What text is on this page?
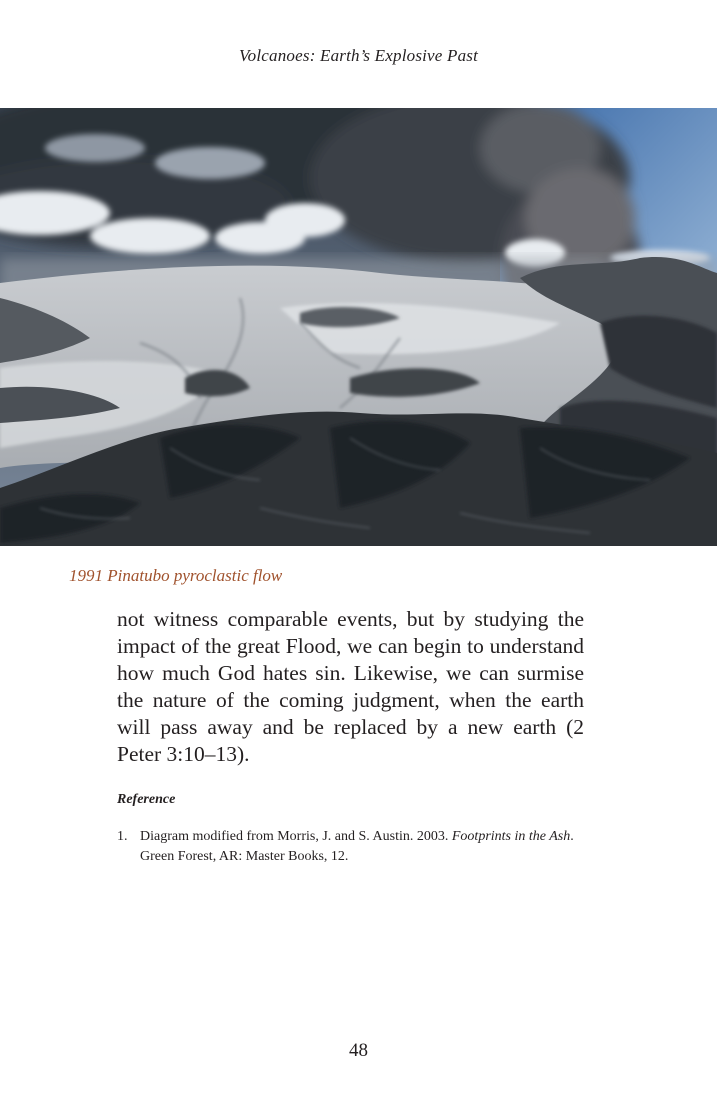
Volcanoes: Earth’s Explosive Past
1991 Pinatubo pyroclastic flow

not witness comparable events, but by studying the impact of the great Flood, we can begin to understand how much God hates sin. Likewise, we can surmise the nature of the coming judgment, when the earth will pass away and be replaced by a new earth (2 Peter 3:10–13).

Reference
1. Diagram modified from Morris, J. and S. Austin. 2003. Footprints in the Ash. Green Forest, AR: Master Books, 12.
48
